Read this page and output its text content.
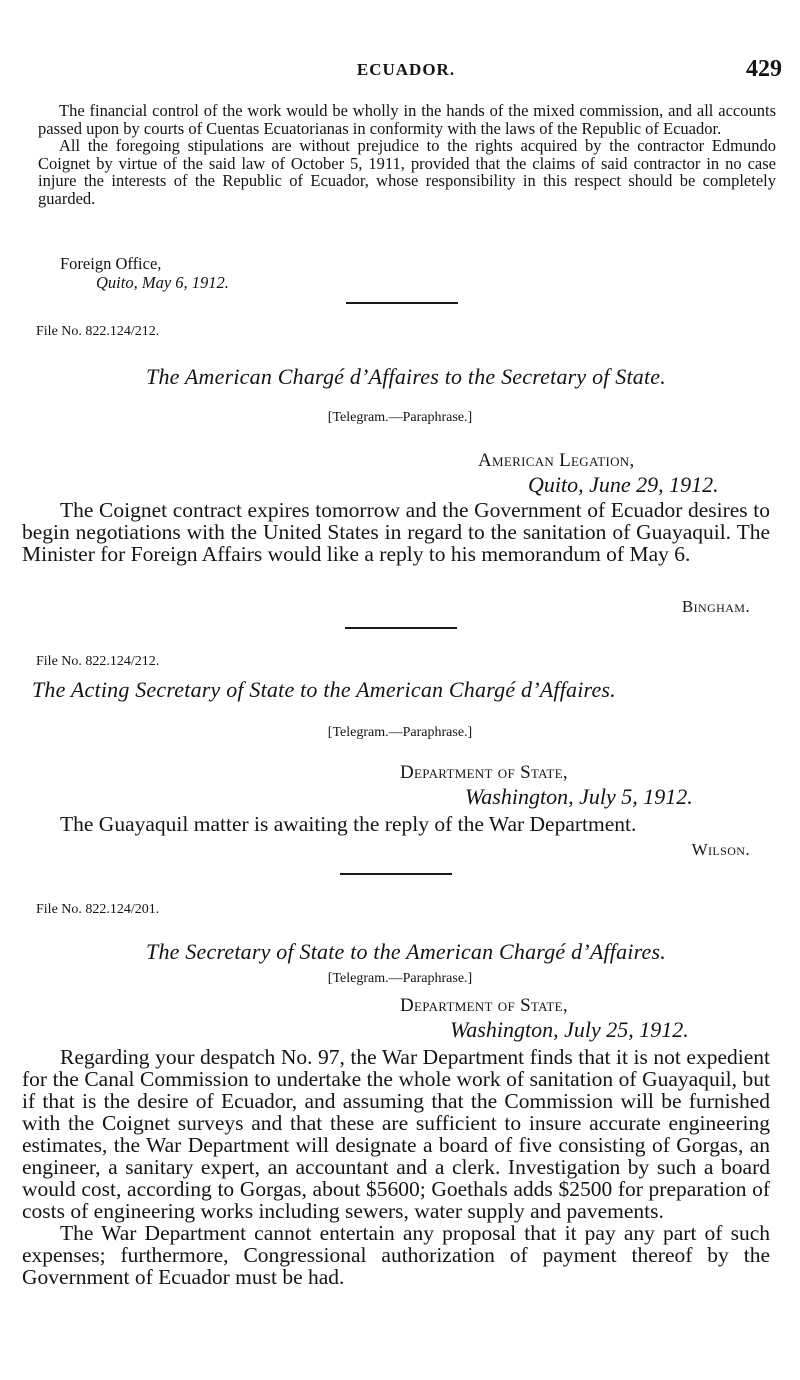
ECUADOR.	429

The financial control of the work would be wholly in the hands of the mixed commission, and all accounts passed upon by courts of Cuentas Ecuatorianas in conformity with the laws of the Republic of Ecuador.

All the foregoing stipulations are without prejudice to the rights acquired by the contractor Edmundo Coignet by virtue of the said law of October 5, 1911, provided that the claims of said contractor in no case injure the interests of the Republic of Ecuador, whose responsibility in this respect should be completely guarded.

Foreign Office,

Quito, May 6, 1912.

File No. 822.124/212.

The American Chargé d’Affaires to the Secretary of State.

[Telegram.—Paraphrase.]

American Legation,

Quito, June 29, 1912.

The Coignet contract expires tomorrow and the Government of Ecuador desires to begin negotiations with the United States in regard to the sanitation of Guayaquil. The Minister for Foreign Affairs would like a reply to his memorandum of May 6.

Bingham.

File No. 822.124/212.

The Acting Secretary of State to the American Chargé d’Affaires.

[Telegram.—Paraphrase.]

Department of State,

Washington, July 5, 1912.

The Guayaquil matter is awaiting the reply of the War Department.

Wilson.

File No. 822.124/201.

The Secretary of State to the American Chargé d’Affaires.

[Telegram.—Paraphrase.]

Department of State,

Washington, July 25, 1912.

Regarding your despatch No. 97, the War Department finds that it is not expedient for the Canal Commission to undertake the whole work of sanitation of Guayaquil, but if that is the desire of Ecuador, and assuming that the Commission will be furnished with the Coignet surveys and that these are sufficient to insure accurate engineering estimates, the War Department will designate a board of five consisting of Gorgas, an engineer, a sanitary expert, an accountant and a clerk. Investigation by such a board would cost, according to Gorgas, about $5600; Goethals adds $2500 for preparation of costs of engineering works including sewers, water supply and pavements.

The War Department cannot entertain any proposal that it pay any part of such expenses; furthermore, Congressional authorization of payment thereof by the Government of Ecuador must be had.
